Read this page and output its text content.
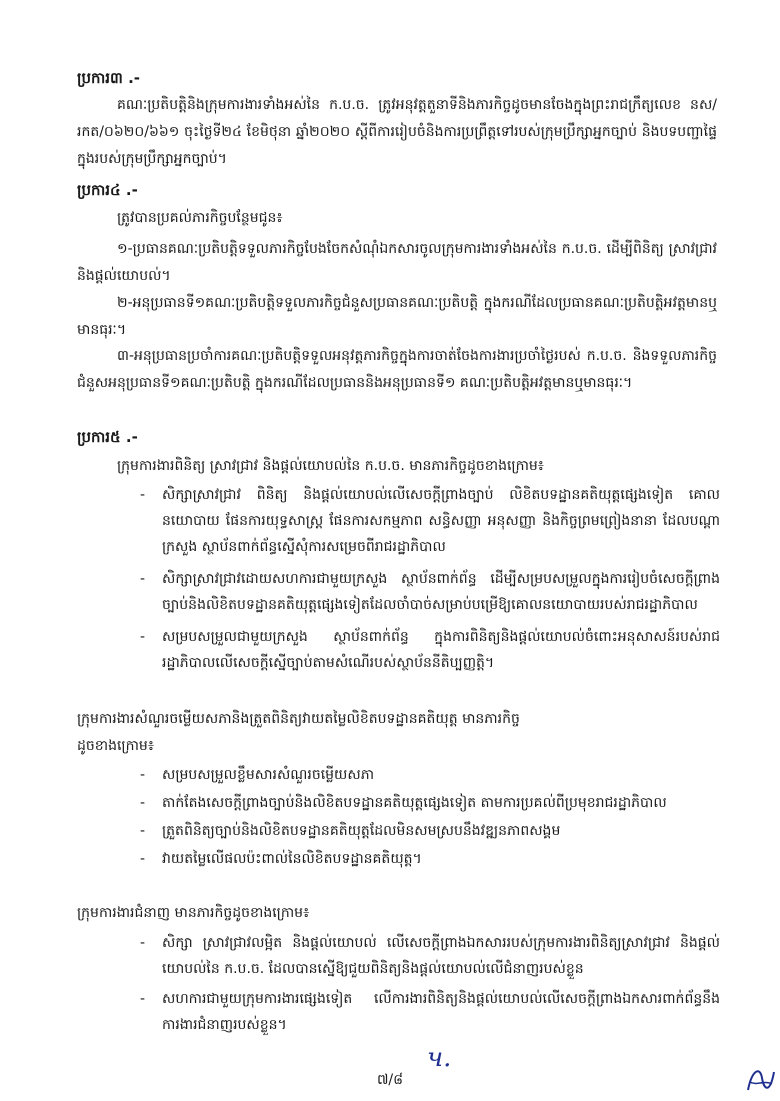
ប្រការ៣ .-
គណៈប្រតិបត្តិនិងក្រុមការងារទាំងអស់នៃ ក.ប.ច. ត្រូវអនុវត្តតួនាទីនិងភារកិច្ចដូចមានចែងក្នុងព្រះរាជក្រឹត្យលេខ នស/រកត/០៦២០/៦៦១ ចុះថ្ងៃទី២៤ ខែមិថុនា ឆ្នាំ២០២០ ស្តីពីការរៀបចំនិងការប្រព្រឹត្តទៅរបស់ក្រុមប្រឹក្សាអ្នកច្បាប់ និងបទបញ្ជាផ្ទៃក្នុងរបស់ក្រុមប្រឹក្សាអ្នកច្បាប់។
ប្រការ៤ .-
ត្រូវបានប្រគល់ភារកិច្ចបន្ថែមជូន៖
១-ប្រធានគណៈប្រតិបត្តិទទួលភារកិច្ចបែងចែកសំណុំឯកសារចូលក្រុមការងារទាំងអស់នៃ ក.ប.ច. ដើម្បីពិនិត្យ ស្រាវជ្រាវ និងផ្តល់យោបល់។
២-អនុប្រធានទី១គណៈប្រតិបត្តិទទួលភារកិច្ចជំនួសប្រធានគណៈប្រតិបត្តិ ក្នុងករណីដែលប្រធានគណៈប្រតិបត្តិអវត្តមានឬមានធុរៈ។
៣-អនុប្រធានប្រចាំការគណៈប្រតិបត្តិទទួលអនុវត្តភារកិច្ចក្នុងការចាត់ចែងការងារប្រចាំថ្ងៃរបស់ ក.ប.ច. និងទទួលភារកិច្ចជំនួសអនុប្រធានទី១គណៈប្រតិបត្តិ ក្នុងករណីដែលប្រធាននិងអនុប្រធានទី១ គណៈប្រតិបត្តិអវត្តមានឬមានធុរៈ។
ប្រការ៥ .-
ក្រុមការងារពិនិត្យ ស្រាវជ្រាវ និងផ្តល់យោបល់នៃ ក.ប.ច. មានភារកិច្ចដូចខាងក្រោម៖
- សិក្សាស្រាវជ្រាវ ពិនិត្យ និងផ្តល់យោបល់លើសេចក្តីព្រាងច្បាប់ លិខិតបទដ្ឋានគតិយុត្តផ្សេងទៀត គោលនយោបាយ ផែនការយុទ្ធសាស្ត្រ ផែនការសកម្មភាព សន្ធិសញ្ញា អនុសញ្ញា និងកិច្ចព្រមព្រៀងនានា ដែលបណ្តាក្រសួង ស្ថាប័នពាក់ព័ន្ធស្នើសុំការសម្រេចពីរាជរដ្ឋាភិបាល
- សិក្សាស្រាវជ្រាវដោយសហការជាមួយក្រសួង ស្ថាប័នពាក់ព័ន្ធ ដើម្បីសម្របសម្រួលក្នុងការរៀបចំសេចក្តីព្រាងច្បាប់និងលិខិតបទដ្ឋានគតិយុត្តផ្សេងទៀតដែលចាំបាច់សម្រាប់បម្រើឱ្យគោលនយោបាយរបស់រាជរដ្ឋាភិបាល
- សម្របសម្រួលជាមួយក្រសួង ស្ថាប័នពាក់ព័ន្ធ ក្នុងការពិនិត្យនិងផ្តល់យោបល់ចំពោះអនុសាសន៍របស់រាជរដ្ឋាភិបាលលើសេចក្តីស្នើច្បាប់តាមសំណើរបស់ស្ថាប័ននីតិប្បញ្ញត្តិ។
ក្រុមការងារសំណួរចម្លើយសភានិងត្រួតពិនិត្យវាយតម្លៃលិខិតបទដ្ឋានគតិយុត្ត មានភារកិច្ច
ដូចខាងក្រោម៖
- សម្របសម្រួលខ្លឹមសារសំណួរចម្លើយសភា
- តាក់តែងសេចក្តីព្រាងច្បាប់និងលិខិតបទដ្ឋានគតិយុត្តផ្សេងទៀត តាមការប្រគល់ពីប្រមុខរាជរដ្ឋាភិបាល
- ត្រួតពិនិត្យច្បាប់និងលិខិតបទដ្ឋានគតិយុត្តដែលមិនសមស្របនឹងវឌ្ឍនភាពសង្គម
- វាយតម្លៃលើផលប៉ះពាល់នៃលិខិតបទដ្ឋានគតិយុត្ត។
ក្រុមការងារជំនាញ មានភារកិច្ចដូចខាងក្រោម៖
- សិក្សា ស្រាវជ្រាវលម្អិត និងផ្តល់យោបល់ លើសេចក្តីព្រាងឯកសាររបស់ក្រុមការងារពិនិត្យស្រាវជ្រាវ និងផ្តល់យោបល់នៃ ក.ប.ច. ដែលបានស្នើឱ្យជួយពិនិត្យនិងផ្តល់យោបល់លើជំនាញរបស់ខ្លួន
- សហការជាមួយក្រុមការងារផ្សេងទៀត លើការងារពិនិត្យនិងផ្តល់យោបល់លើសេចក្តីព្រាងឯកសារពាក់ព័ន្ធនឹងការងារជំនាញរបស់ខ្លួន។
ч.
៧/៨
